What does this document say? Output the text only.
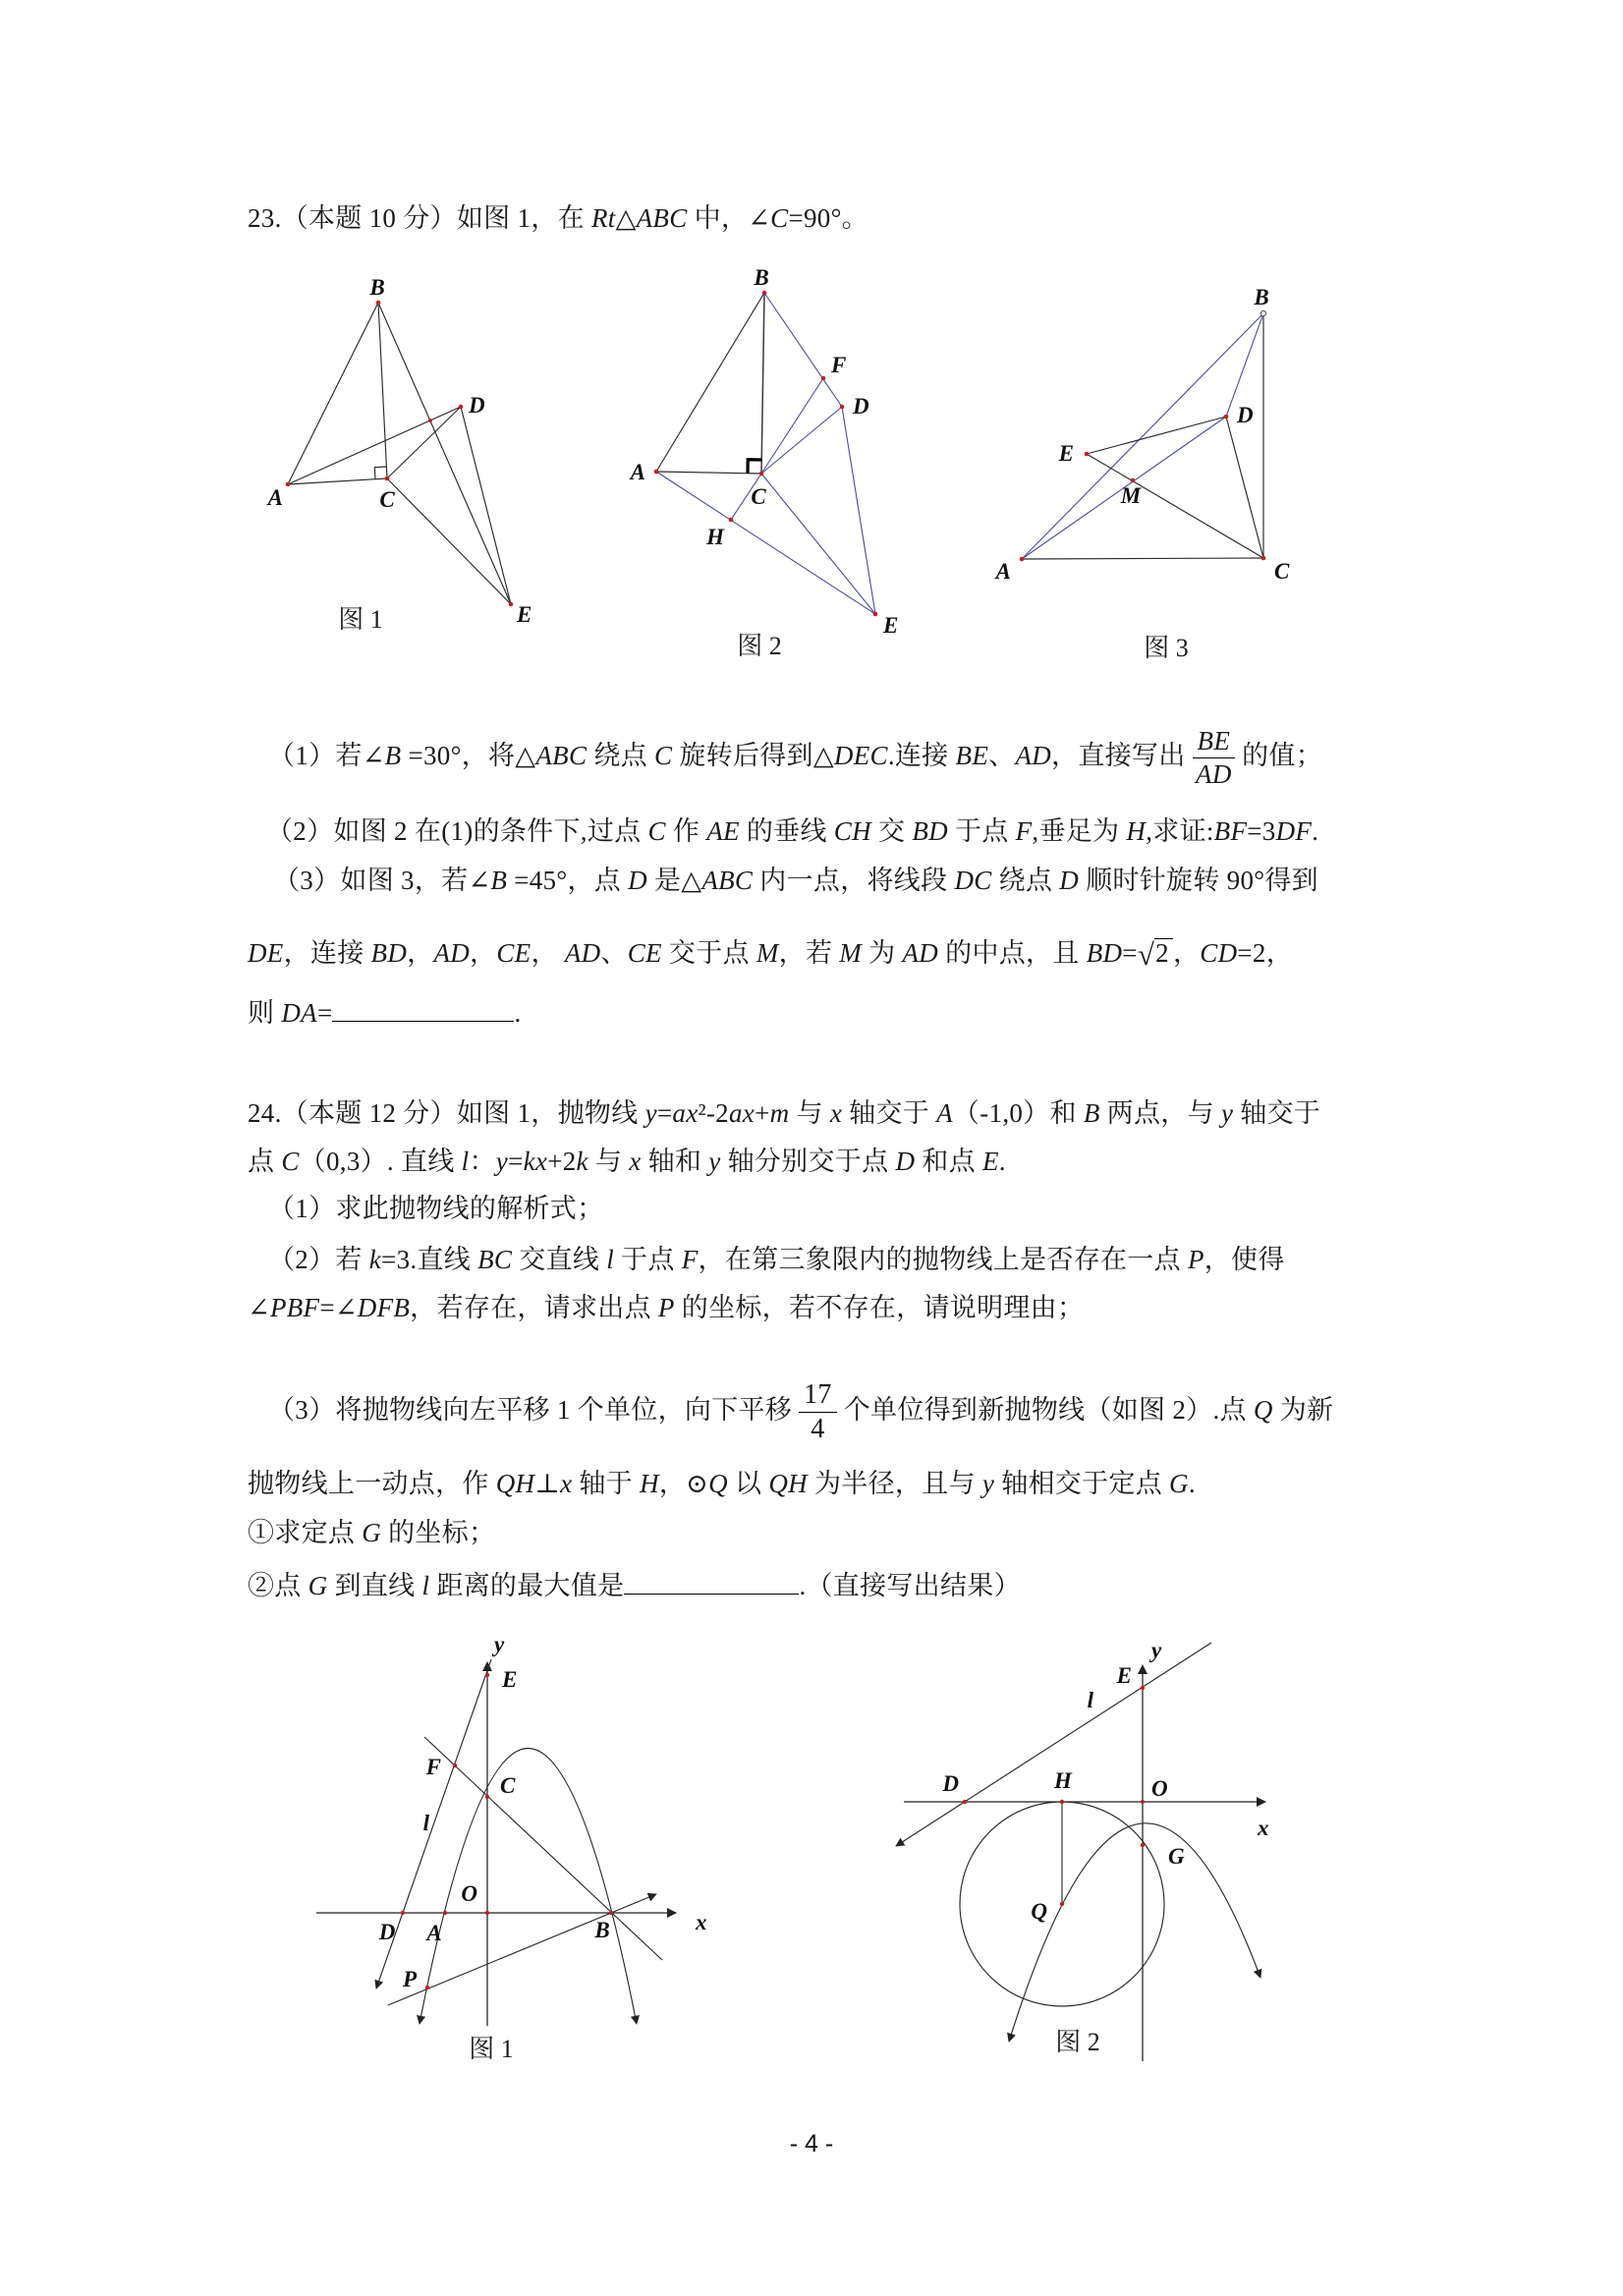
23.（本题 10 分）如图 1，在 Rt△ABC 中，∠C=90°。
（1）若∠B =30°，将△ABC 绕点 C 旋转后得到△DEC.连接 BE、AD，直接写出 $\frac{BE}{AD}$ 的值；
（2）如图 2 在(1)的条件下,过点 C 作 AE 的垂线 CH 交 BD 于点 F,垂足为 H,求证:BF=3DF.
（3）如图 3，若∠B =45°，点 D 是△ABC 内一点，将线段 DC 绕点 D 顺时针旋转 90°得到
DE，连接 BD，AD，CE， AD、CE 交于点 M，若 M 为 AD 的中点，且 BD=√2 ，CD=2，
则 DA=	.
24.（本题 12 分）如图 1，抛物线 y=ax²-2ax+m 与 x 轴交于 A（-1,0）和 B 两点，与 y 轴交于
点 C（0,3）. 直线 l：y=kx+2k 与 x 轴和 y 轴分别交于点 D 和点 E.
（1）求此抛物线的解析式；
（2）若 k=3.直线 BC 交直线 l 于点 F，在第三象限内的抛物线上是否存在一点 P，使得
∠PBF=∠DFB，若存在，请求出点 P 的坐标，若不存在，请说明理由；
（3）将抛物线向左平移 1 个单位，向下平移 $\frac{17}{4}$ 个单位得到新抛物线（如图 2）.点 Q 为新
抛物线上一动点，作 QH⊥x 轴于 H，⊙Q 以 QH 为半径，且与 y 轴相交于定点 G.
①求定点 G 的坐标；
②点 G 到直线 l 距离的最大值是	.（直接写出结果）
B
D
A	C
E
图 1
B
F
D
A
C
H
E
图 2
B
D
E
M
A	C
图 3
y
E
F
C
l
O
D A	B
P
x
图 1
y
E
l
D	H	O
x
G
Q
图 2
- 4 -
